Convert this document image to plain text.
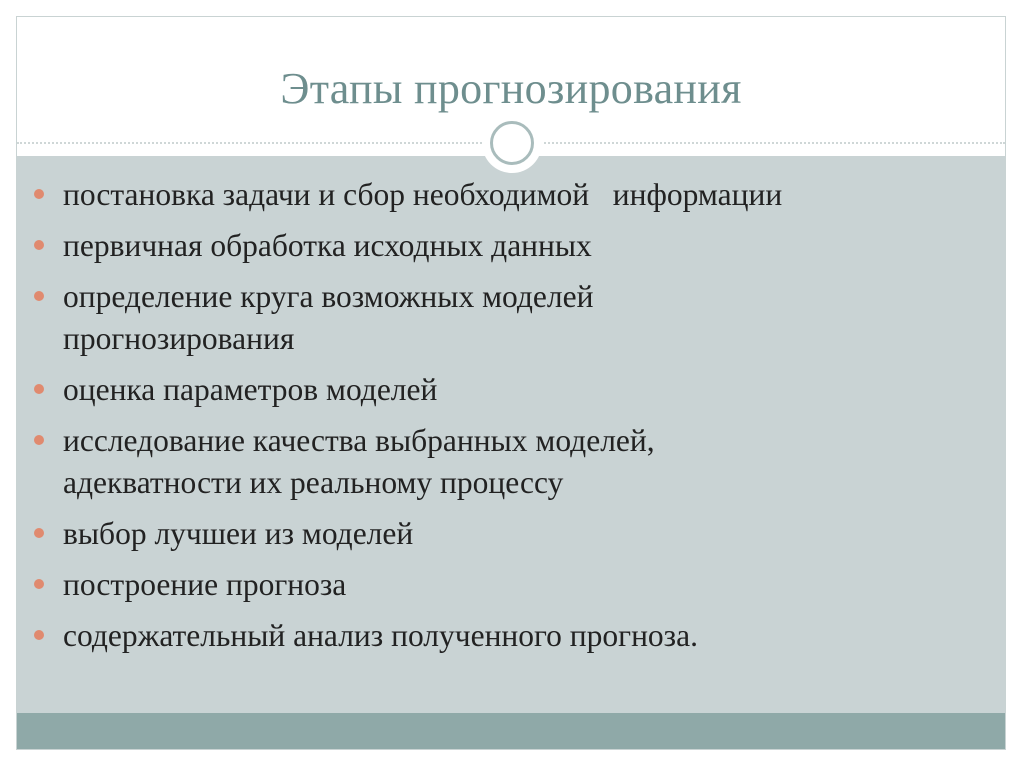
Этапы прогнозирования
постановка задачи и сбор необходимой   информации
первичная обработка исходных данных
определение круга возможных моделей прогнозирования
оценка параметров моделей
исследование качества выбранных моделей, адекватности их реальному процессу
выбор лучшеи из моделей
построение прогноза
содержательный анализ полученного прогноза.
